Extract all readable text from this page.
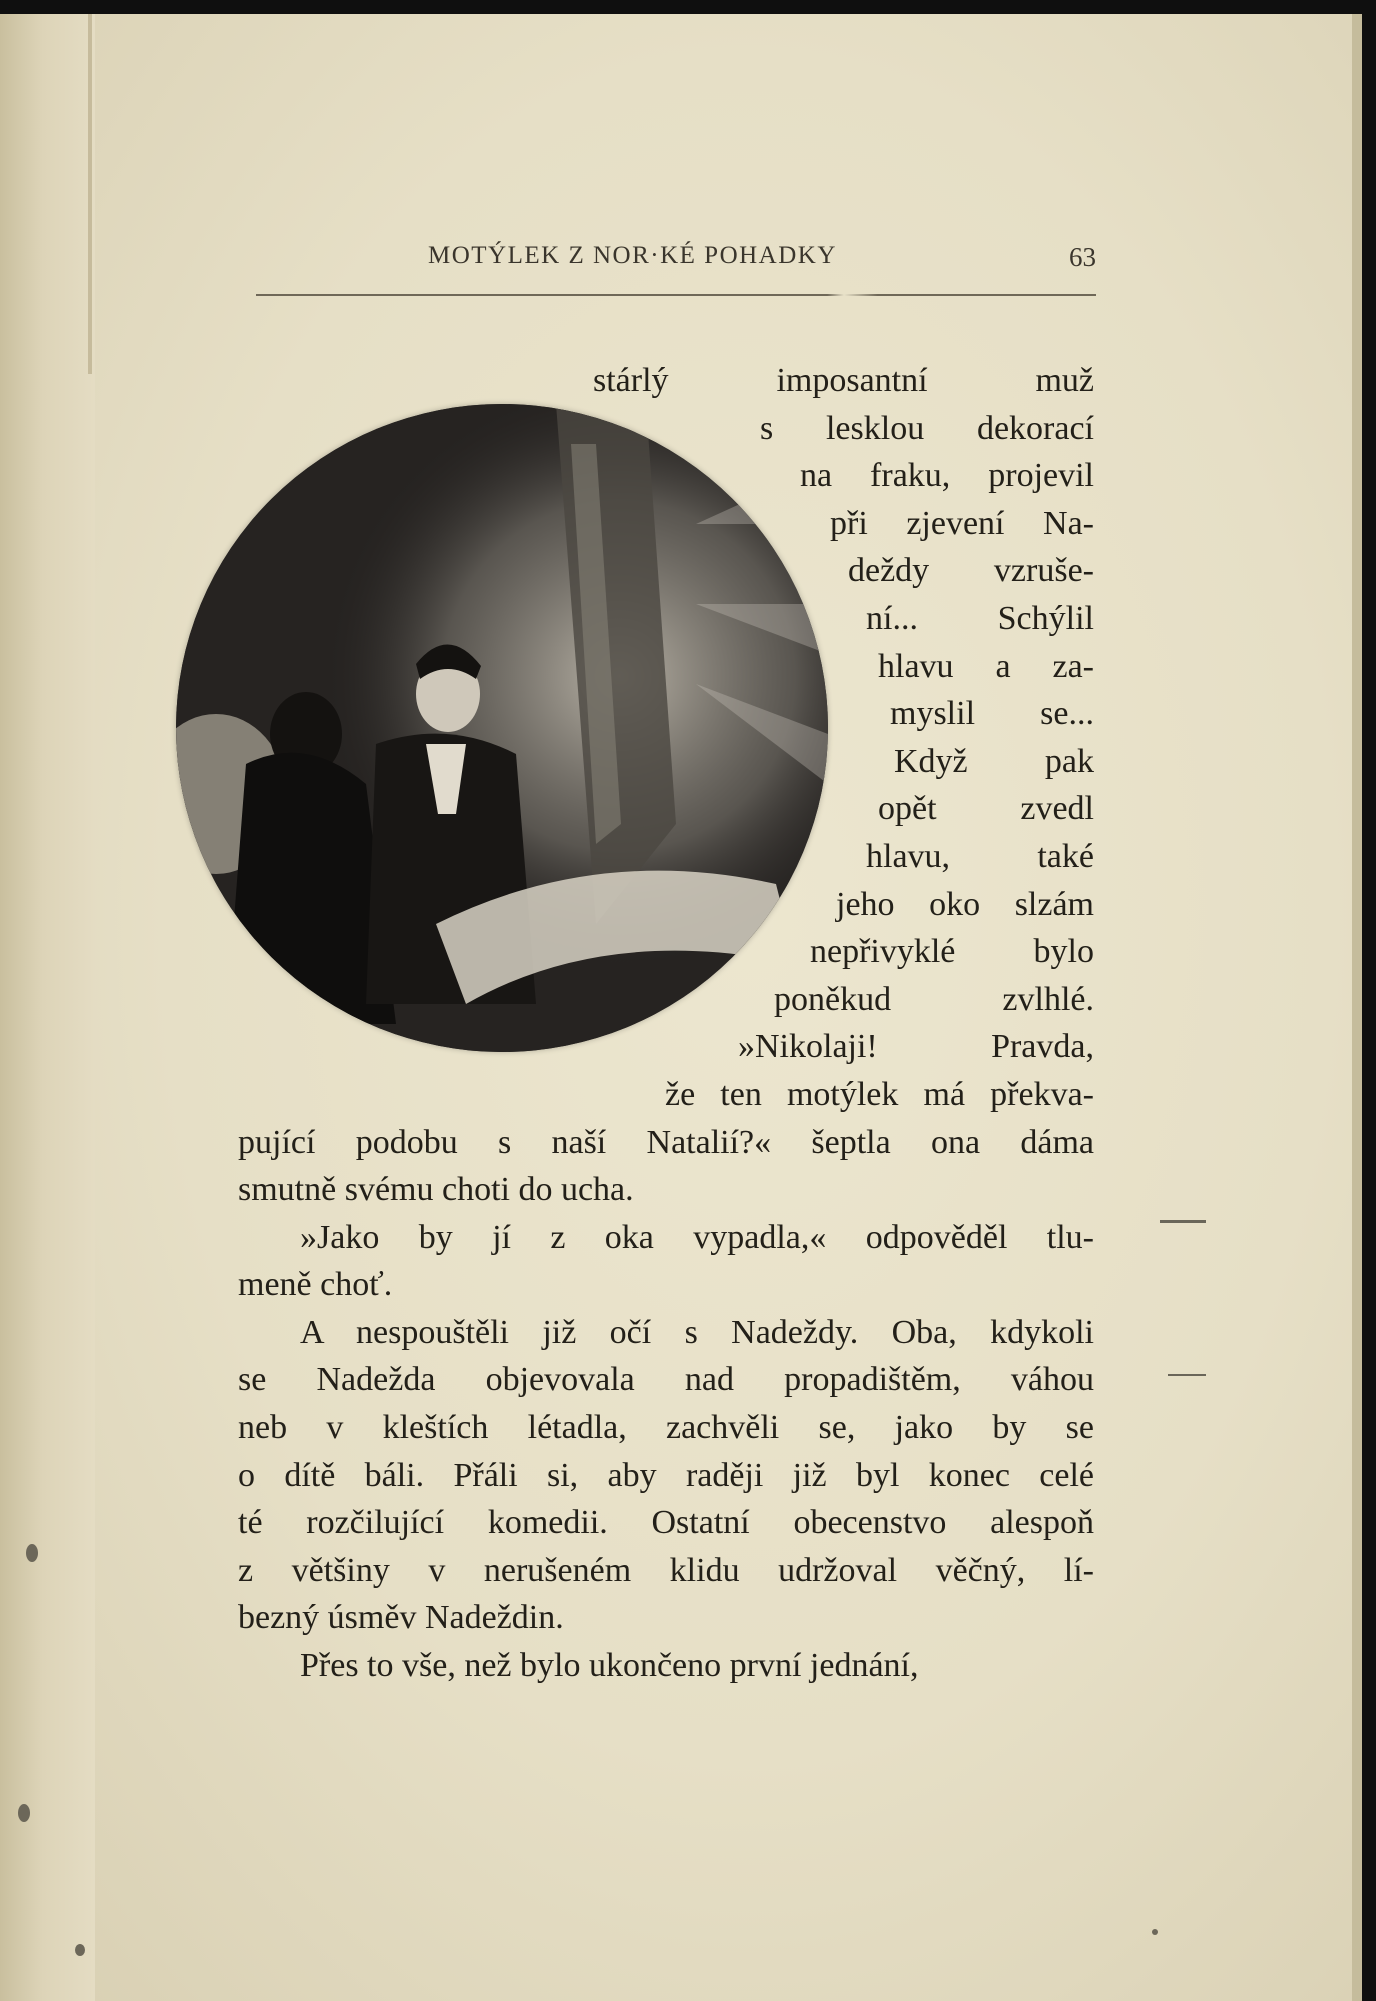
MOTÝLEK Z NOR·KÉ POHADKY	63
stárlý imposantní muž
s lesklou dekorací
na fraku, projevil
při zjevení Na-
deždy vzruše-
ní... Schýlil
hlavu a za-
myslil se...
Když pak
opět zvedl
hlavu, také
jeho oko slzám
nepřivyklé bylo
poněkud zvlhlé.
»Nikolaji! Pravda,
že ten motýlek má překva-
pující podobu s naší Natalií?« šeptla ona dáma
smutně svému choti do ucha.
»Jako by jí z oka vypadla,« odpověděl tlu-
meně choť.
A nespouštěli již očí s Nadeždy. Oba, kdykoli
se Nadežda objevovala nad propadištěm, váhou
neb v kleštích létadla, zachvěli se, jako by se
o dítě báli. Přáli si, aby raději již byl konec celé
té rozčilující komedii. Ostatní obecenstvo alespoň
z většiny v nerušeném klidu udržoval věčný, lí-
bezný úsměv Nadeždin.
Přes to vše, než bylo ukončeno první jednání,
